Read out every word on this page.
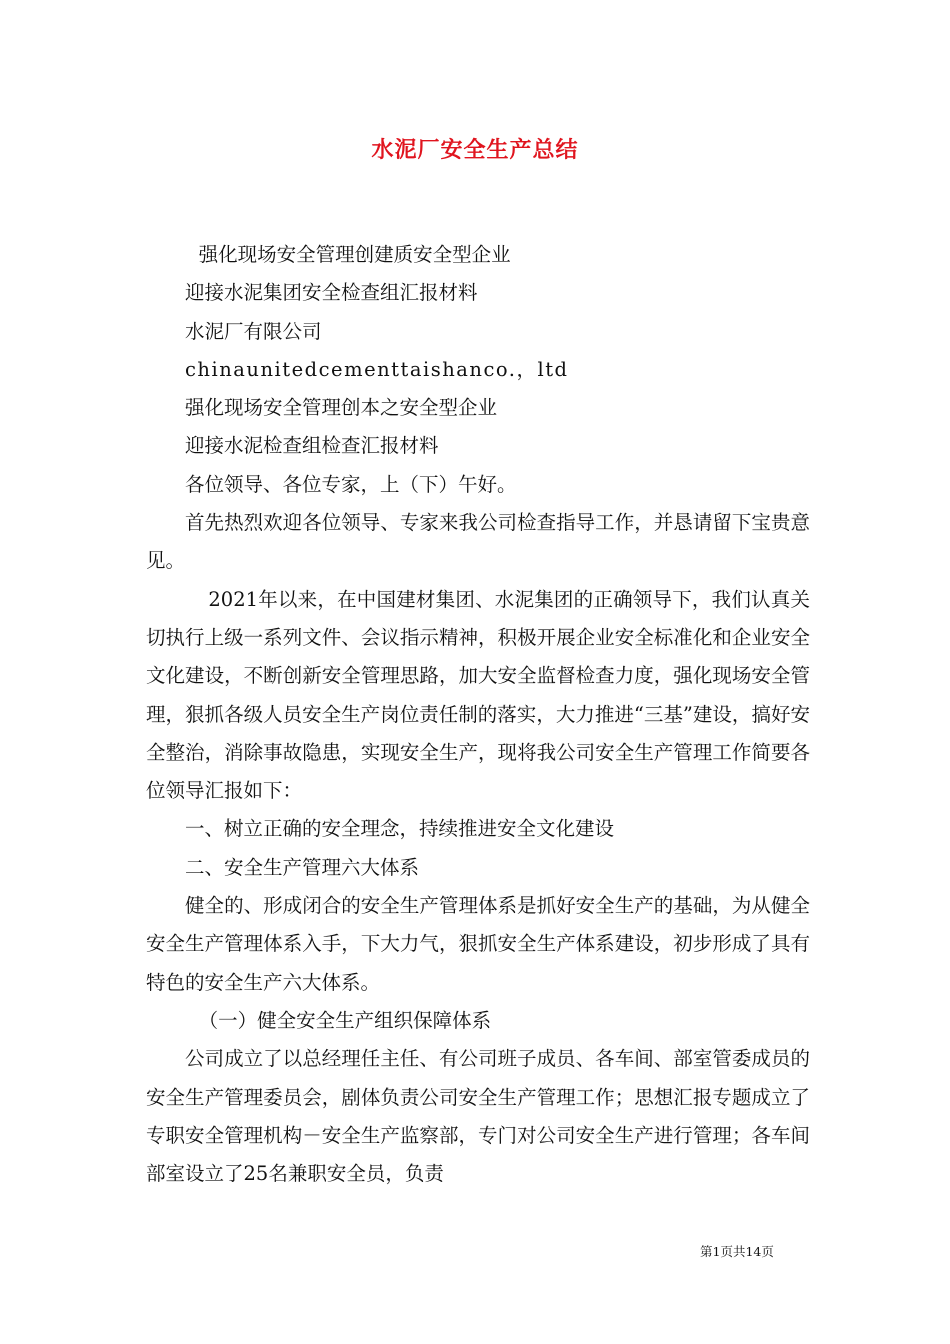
水泥厂安全生产总结

强化现场安全管理创建质安全型企业

迎接水泥集团安全检查组汇报材料

水泥厂有限公司

chinaunitedcementtaishanco.，ltd

强化现场安全管理创本之安全型企业

迎接水泥检查组检查汇报材料

各位领导、各位专家，上（下）午好。

首先热烈欢迎各位领导、专家来我公司检查指导工作，并恳请留下宝贵意见。

2021年以来，在中国建材集团、水泥集团的正确领导下，我们认真关切执行上级一系列文件、会议指示精神，积极开展企业安全标准化和企业安全文化建设，不断创新安全管理思路，加大安全监督检查力度，强化现场安全管理，狠抓各级人员安全生产岗位责任制的落实，大力推进“三基”建设，搞好安全整治，消除事故隐患，实现安全生产，现将我公司安全生产管理工作简要各位领导汇报如下：

一、树立正确的安全理念，持续推进安全文化建设

二、安全生产管理六大体系

健全的、形成闭合的安全生产管理体系是抓好安全生产的基础，为从健全安全生产管理体系入手，下大力气，狠抓安全生产体系建设，初步形成了具有特色的安全生产六大体系。

（一）健全安全生产组织保障体系

公司成立了以总经理任主任、有公司班子成员、各车间、部室管委成员的安全生产管理委员会，剧体负责公司安全生产管理工作；思想汇报专题成立了专职安全管理机构－安全生产监察部，专门对公司安全生产进行管理；各车间部室设立了25名兼职安全员，负责

第1页共14页
